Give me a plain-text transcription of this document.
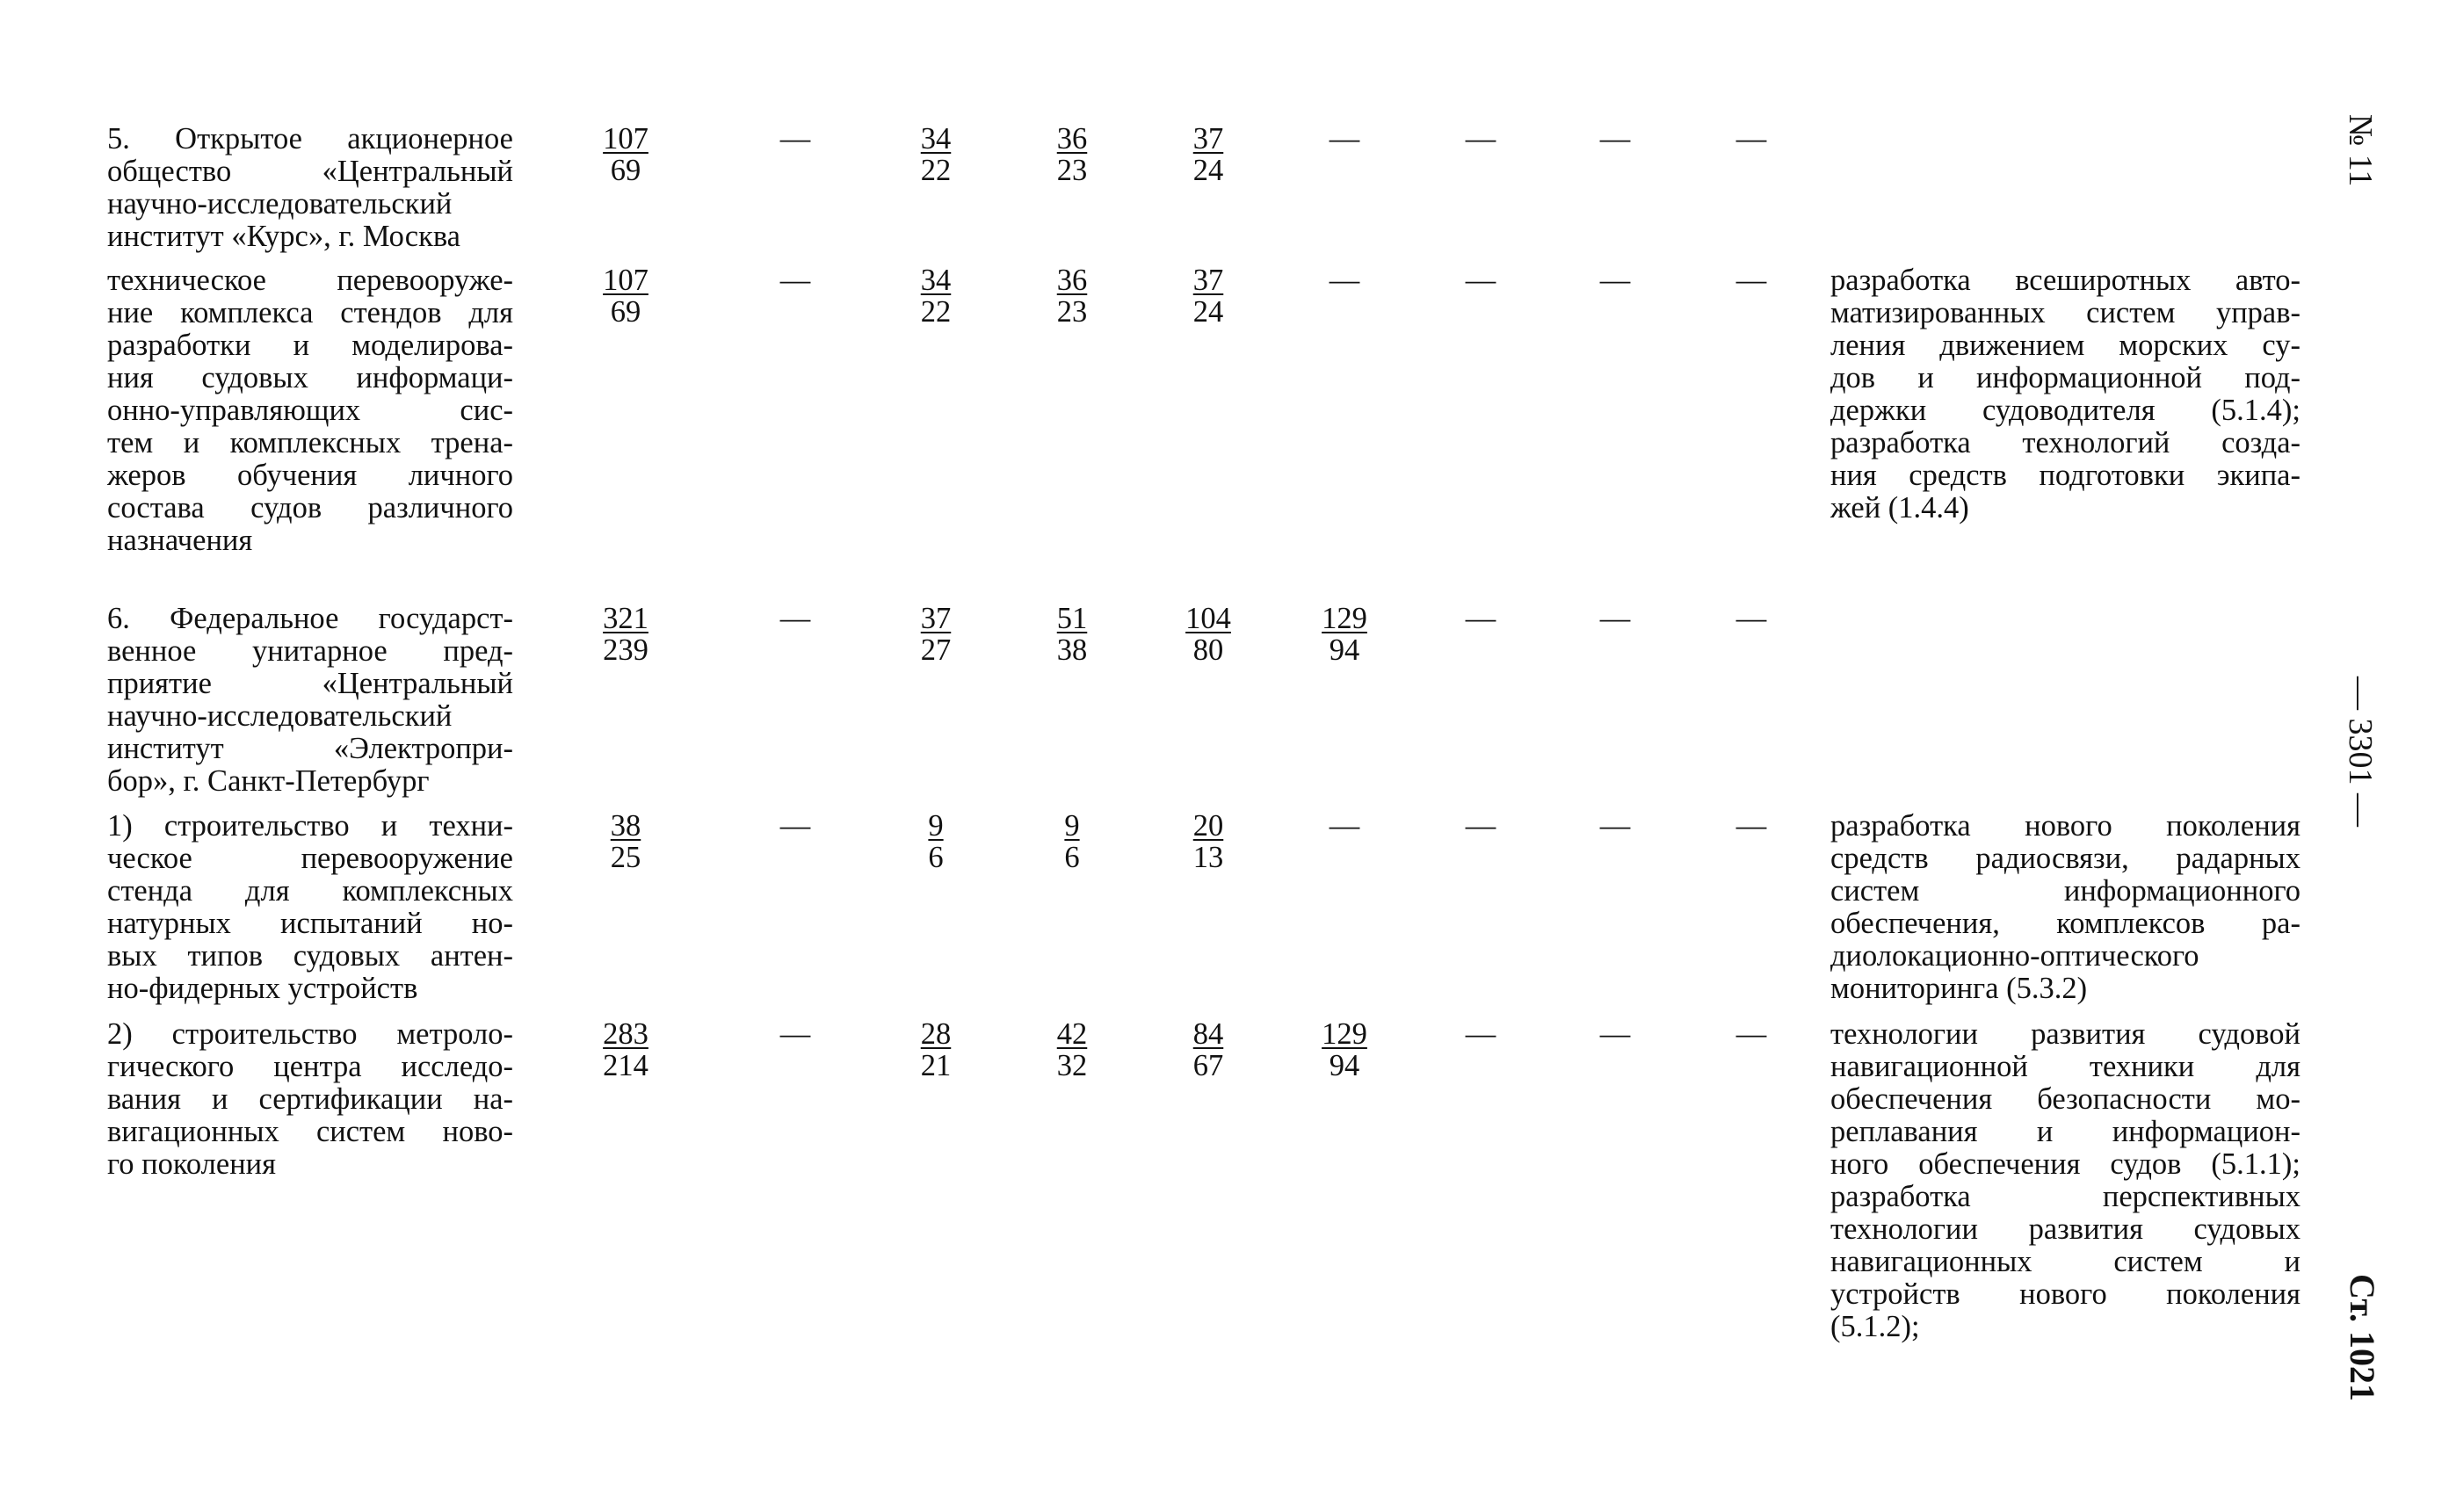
5. Открытое акционерное
общество «Центральный
научно-исследовательский
институт «Курс», г. Москва
$\frac{107}{69}$	—	$\frac{34}{22} \frac{36}{23} \frac{37}{24}$	—	—	—	—
техническое перевооруже-
ние комплекса стендов для
разработки и моделирова-
ния судовых информаци-
онно-управляющих сис-
тем и комплексных трена-
жеров обучения личного
состава судов различного
назначения
$\frac{107}{69}$	—	$\frac{34}{22} \frac{36}{23} \frac{37}{24}$	—	—	—	—	разработка всеширотных авто-
матизированных систем управ-
ления движением морских су-
дов и информационной под-
держки судоводителя (5.1.4);
разработка технологий созда-
ния средств подготовки экипа-
жей (1.4.4)
6. Федеральное государст-
венное унитарное пред-
приятие «Центральный
научно-исследовательский
институт «Электропри-
бор», г. Санкт-Петербург
$\frac{321}{239}$	—	$\frac{37}{27} \frac{51}{38} \frac{104}{80} \frac{129}{94}$	—	—	—
1) строительство и техни-
ческое перевооружение
стенда для комплексных
натурных испытаний но-
вых типов судовых антен-
но-фидерных устройств
$\frac{38}{25}$	—	$\frac{9}{6} \frac{9}{6} \frac{20}{13}$	—	—	—	—	разработка нового поколения
средств радиосвязи, радарных
систем информационного
обеспечения, комплексов ра-
диолокационно-оптического
мониторинга (5.3.2)
2) строительство метроло-
гического центра исследо-
вания и сертификации на-
вигационных систем ново-
го поколения
$\frac{283}{214}$	—	$\frac{28}{21} \frac{42}{32} \frac{84}{67} \frac{129}{94}$	—	—	—	технологии развития судовой
навигационной техники для
обеспечения безопасности мо-
реплавания и информацион-
ного обеспечения судов (5.1.1);
разработка перспективных
технологии развития судовых
навигационных систем и
устройств нового поколения
(5.1.2);
№ 11
— 3301 —
Ст. 1021
